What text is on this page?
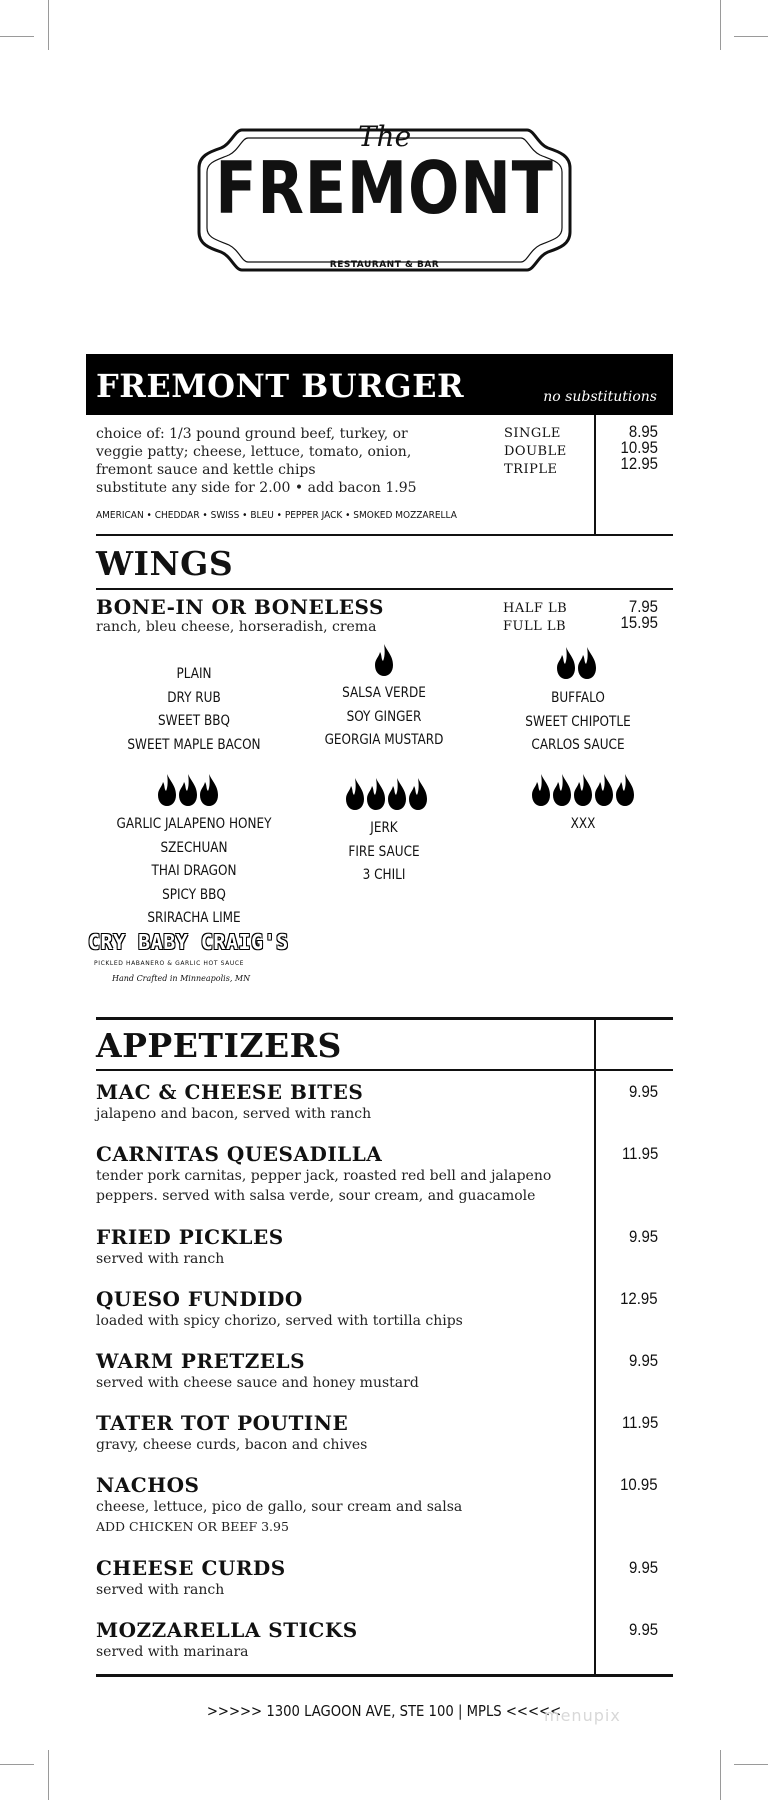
The
FREMONT
RESTAURANT & BAR
FREMONT BURGER	no substitutions
choice of: 1/3 pound ground beef, turkey, or
veggie patty; cheese, lettuce, tomato, onion,
fremont sauce and kettle chips
substitute any side for 2.00 • add bacon 1.95
SINGLE
DOUBLE
TRIPLE
8.95
10.95
12.95
AMERICAN • CHEDDAR • SWISS • BLEU • PEPPER JACK • SMOKED MOZZARELLA
WINGS
BONE-IN OR BONELESS
ranch, bleu cheese, horseradish, crema
HALF LB
FULL LB
7.95
15.95
PLAIN
DRY RUB
SWEET BBQ
SWEET MAPLE BACON
SALSA VERDE
SOY GINGER
GEORGIA MUSTARD
BUFFALO
SWEET CHIPOTLE
CARLOS SAUCE
GARLIC JALAPENO HONEY
SZECHUAN
THAI DRAGON
SPICY BBQ
SRIRACHA LIME
JERK
FIRE SAUCE
3 CHILI
XXX
CRY BABY CRAIG'S
PICKLED HABANERO & GARLIC HOT SAUCE
Hand Crafted in Minneapolis, MN
APPETIZERS
MAC & CHEESE BITES
jalapeno and bacon, served with ranch
9.95
CARNITAS QUESADILLA
tender pork carnitas, pepper jack, roasted red bell and jalapeno
peppers. served with salsa verde, sour cream, and guacamole
11.95
FRIED PICKLES
served with ranch
9.95
QUESO FUNDIDO
loaded with spicy chorizo, served with tortilla chips
12.95
WARM PRETZELS
served with cheese sauce and honey mustard
9.95
TATER TOT POUTINE
gravy, cheese curds, bacon and chives
11.95
NACHOS
cheese, lettuce, pico de gallo, sour cream and salsa
ADD CHICKEN OR BEEF 3.95
10.95
CHEESE CURDS
served with ranch
9.95
MOZZARELLA STICKS
served with marinara
9.95
>>>>> 1300 LAGOON AVE, STE 100 | MPLS <<<<<
menupix
